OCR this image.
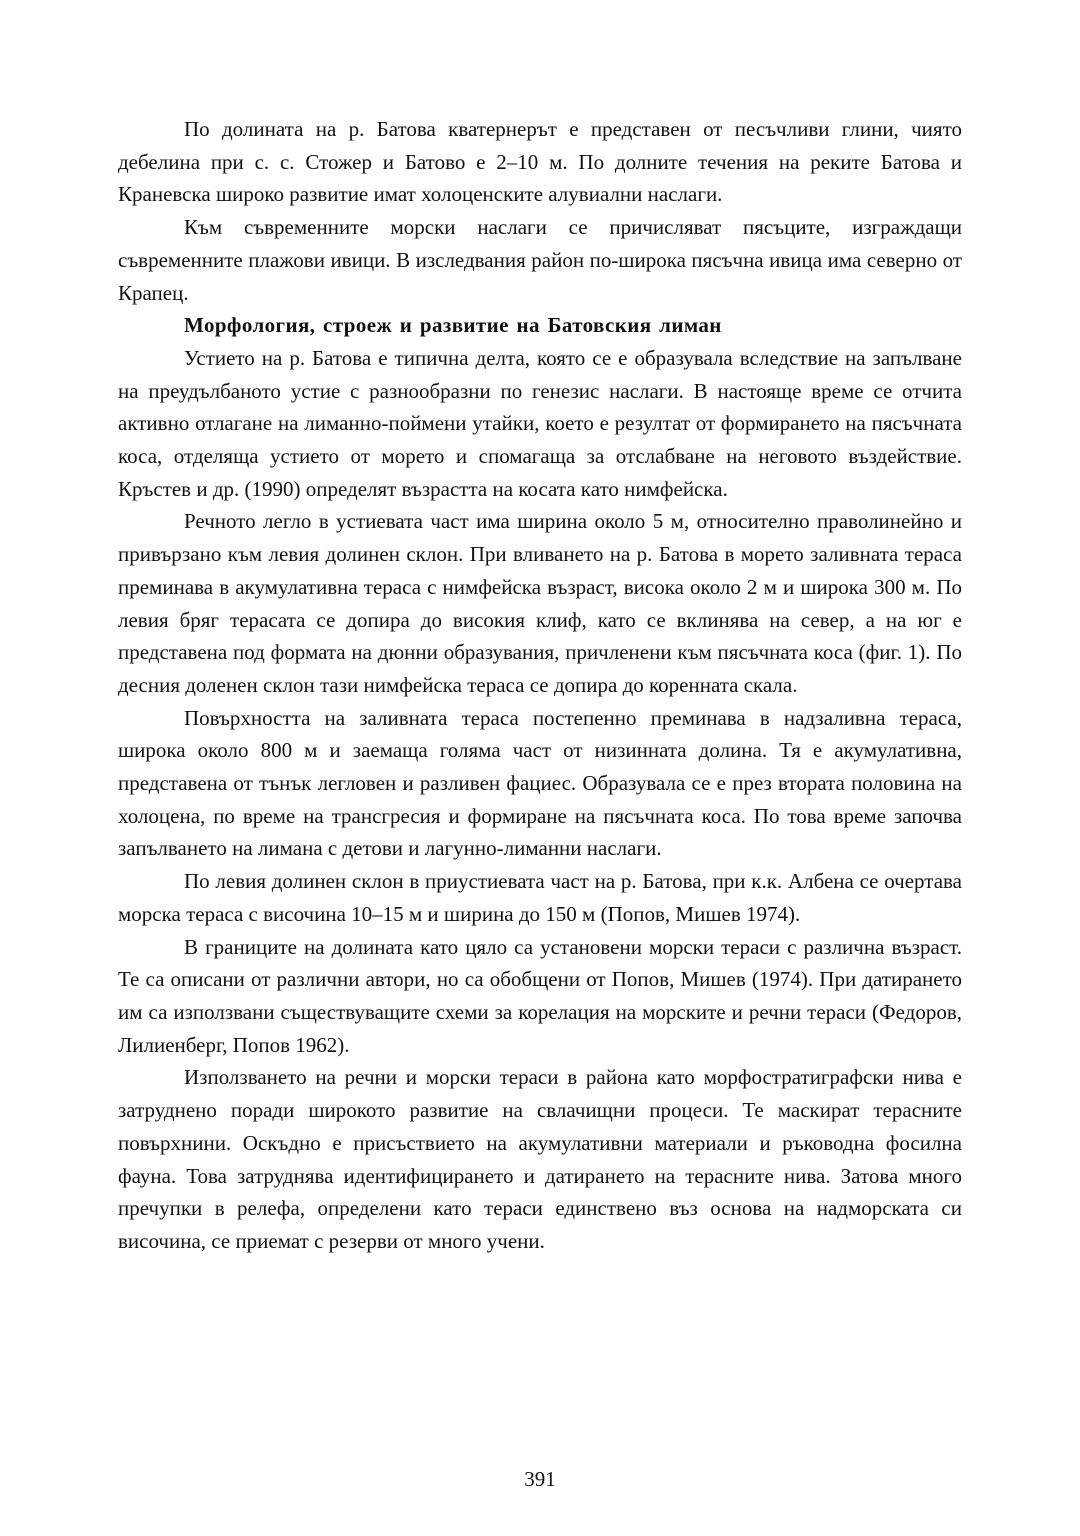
По долината на р. Батова кватернерът е представен от песъчливи глини, чиято дебелина при с. с. Стожер и Батово е 2–10 м. По долните течения на реките Батова и Краневска широко развитие имат холоценските алувиални наслаги.

Към съвременните морски наслаги се причисляват пясъците, изграждащи съвременните плажови ивици. В изследвания район по-широка пясъчна ивица има северно от Крапец.

Морфология, строеж и развитие на Батовския лиман

Устието на р. Батова е типична делта, която се е образувала вследствие на запълване на преудълбаното устие с разнообразни по генезис наслаги. В настояще време се отчита активно отлагане на лиманно-поймени утайки, което е резултат от формирането на пясъчната коса, отделяща устието от морето и спомагаща за отслабване на неговото въздействие. Кръстев и др. (1990) определят възрастта на косата като нимфейска.

Речното легло в устиевата част има ширина около 5 м, относително праволинейно и привързано към левия долинен склон. При вливането на р. Батова в морето заливната тераса преминава в акумулативна тераса с нимфейска възраст, висока около 2 м и широка 300 м. По левия бряг терасата се допира до високия клиф, като се вклинява на север, а на юг е представена под формата на дюнни образувания, причленени към пясъчната коса (фиг. 1). По десния доленен склон тази нимфейска тераса се допира до коренната скала.

Повърхността на заливната тераса постепенно преминава в надзаливна тераса, широка около 800 м и заемаща голяма част от низинната долина. Тя е акумулативна, представена от тънък легловен и разливен фациес. Образувала се е през втората половина на холоцена, по време на трансгресия и формиране на пясъчната коса. По това време започва запълването на лимана с детови и лагунно-лиманни наслаги.

По левия долинен склон в приустиевата част на р. Батова, при к.к. Албена се очертава морска тераса с височина 10–15 м и ширина до 150 м (Попов, Мишев 1974).

В границите на долината като цяло са установени морски тераси с различна възраст. Те са описани от различни автори, но са обобщени от Попов, Мишев (1974). При датирането им са използвани съществуващите схеми за корелация на морските и речни тераси (Федоров, Лилиенберг, Попов 1962).

Използването на речни и морски тераси в района като морфостратиграфски нива е затруднено поради широкото развитие на свлачищни процеси. Те маскират терасните повърхнини. Оскъдно е присъствието на акумулативни материали и ръководна фосилна фауна. Това затруднява идентифицирането и датирането на терасните нива. Затова много пречупки в релефа, определени като тераси единствено въз основа на надморската си височина, се приемат с резерви от много учени.

391
